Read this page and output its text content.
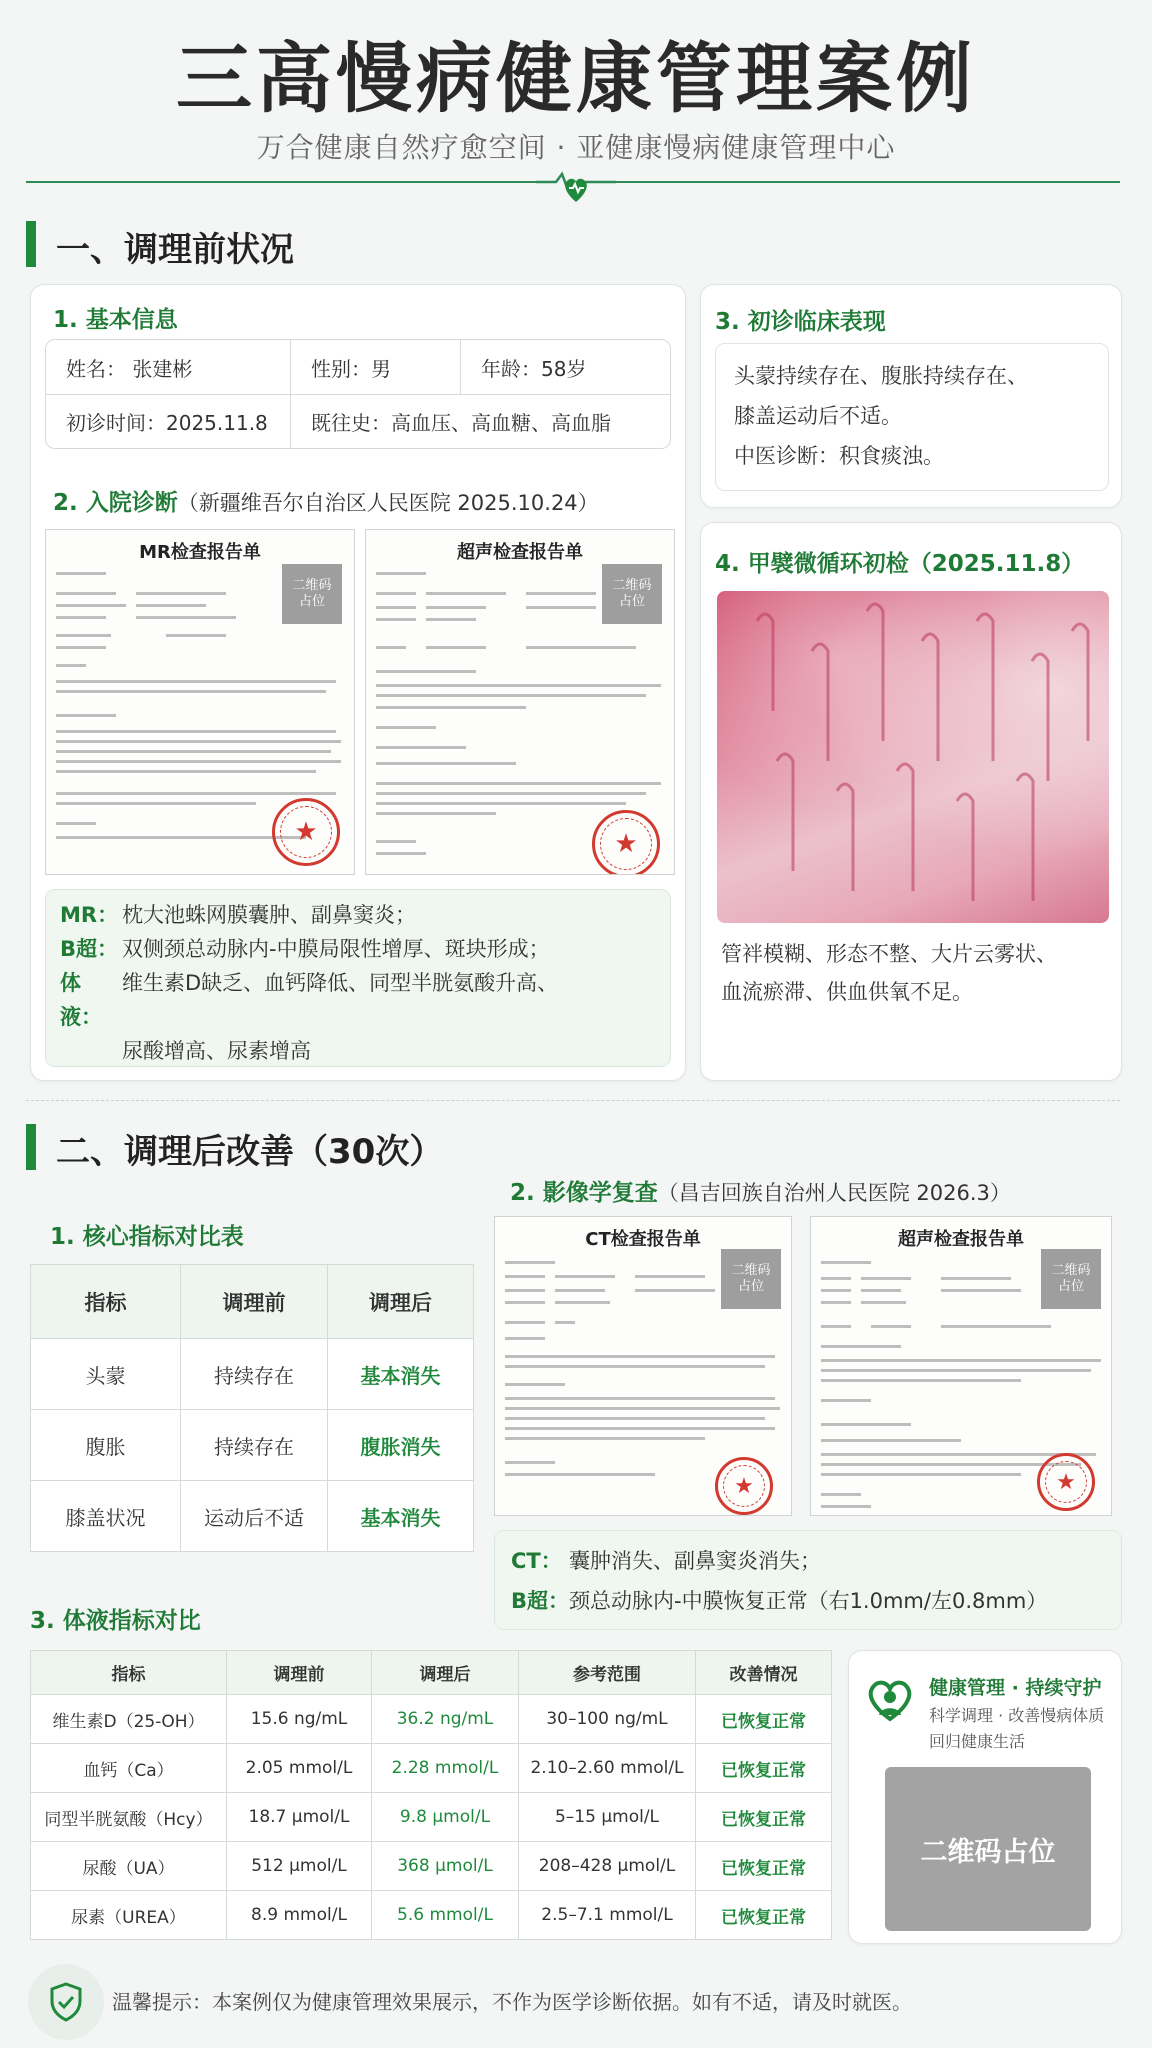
三高慢病健康管理案例
万合健康自然疗愈空间 · 亚健康慢病健康管理中心
一、调理前状况
1. 基本信息
姓名： 张建彬	性别：男	年龄：58岁
初诊时间：2025.11.8	既往史：高血压、高血糖、高血脂
2. 入院诊断（新疆维吾尔自治区人民医院 2025.10.24）
MR检查报告单
二维码
占位
★
超声检查报告单
二维码
占位
★
MR： 枕大池蛛网膜囊肿、副鼻窦炎；
B超： 双侧颈总动脉内-中膜局限性增厚、斑块形成；
体液：
维生素D缺乏、血钙降低、同型半胱氨酸升高、
尿酸增高、尿素增高
3. 初诊临床表现
头蒙持续存在、腹胀持续存在、
膝盖运动后不适。
中医诊断：积食痰浊。
4. 甲襞微循环初检（2025.11.8）
管袢模糊、形态不整、大片云雾状、
血流瘀滞、供血供氧不足。
二、调理后改善（30次）
1. 核心指标对比表
指标	调理前	调理后
头蒙	持续存在	基本消失
腹胀	持续存在	腹胀消失
膝盖状况	运动后不适	基本消失
2. 影像学复查（昌吉回族自治州人民医院 2026.3）
CT检查报告单
二维码
占位
★
超声检查报告单
二维码
占位
★
CT： 囊肿消失、副鼻窦炎消失；
B超： 颈总动脉内-中膜恢复正常（右1.0mm/左0.8mm）
3. 体液指标对比
指标	调理前	调理后	参考范围	改善情况
维生素D（25-OH）	15.6 ng/mL	36.2 ng/mL	30–100 ng/mL	已恢复正常
血钙（Ca）	2.05 mmol/L	2.28 mmol/L	2.10–2.60 mmol/L	已恢复正常
同型半胱氨酸（Hcy）	18.7 μmol/L	9.8 μmol/L	5–15 μmol/L	已恢复正常
尿酸（UA）	512 μmol/L	368 μmol/L	208–428 μmol/L	已恢复正常
尿素（UREA）	8.9 mmol/L	5.6 mmol/L	2.5–7.1 mmol/L	已恢复正常
健康管理 · 持续守护
科学调理 · 改善慢病体质
回归健康生活
二维码占位
温馨提示：本案例仅为健康管理效果展示，不作为医学诊断依据。如有不适，请及时就医。
